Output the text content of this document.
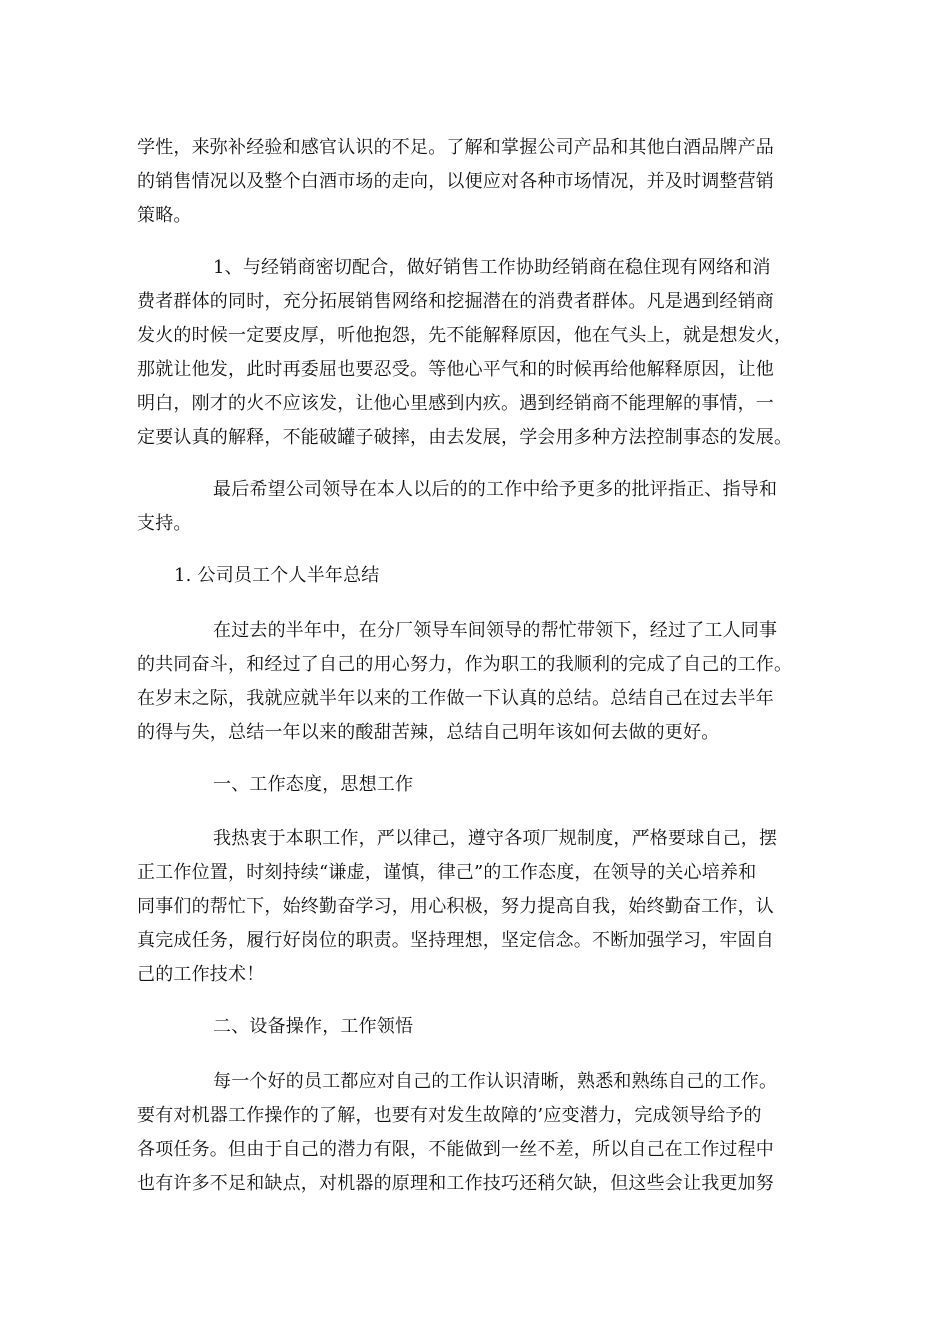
学性，来弥补经验和感官认识的不足。了解和掌握公司产品和其他白酒品牌产品
的销售情况以及整个白酒市场的走向，以便应对各种市场情况，并及时调整营销
策略。
1、与经销商密切配合，做好销售工作协助经销商在稳住现有网络和消
费者群体的同时，充分拓展销售网络和挖掘潜在的消费者群体。凡是遇到经销商
发火的时候一定要皮厚，听他抱怨，先不能解释原因，他在气头上，就是想发火，
那就让他发，此时再委屈也要忍受。等他心平气和的时候再给他解释原因，让他
明白，刚才的火不应该发，让他心里感到内疚。遇到经销商不能理解的事情，一
定要认真的解释，不能破罐子破摔，由去发展，学会用多种方法控制事态的发展。
最后希望公司领导在本人以后的的工作中给予更多的批评指正、指导和
支持。
1. 公司员工个人半年总结
在过去的半年中，在分厂领导车间领导的帮忙带领下，经过了工人同事
的共同奋斗，和经过了自己的用心努力，作为职工的我顺利的完成了自己的工作。
在岁末之际，我就应就半年以来的工作做一下认真的总结。总结自己在过去半年
的得与失，总结一年以来的酸甜苦辣，总结自己明年该如何去做的更好。
一、工作态度，思想工作
我热衷于本职工作，严以律己，遵守各项厂规制度，严格要球自己，摆
正工作位置，时刻持续“谦虚，谨慎，律己”的工作态度，在领导的关心培养和
同事们的帮忙下，始终勤奋学习，用心积极，努力提高自我，始终勤奋工作，认
真完成任务，履行好岗位的职责。坚持理想，坚定信念。不断加强学习，牢固自
己的工作技术！
二、设备操作，工作领悟
每一个好的员工都应对自己的工作认识清晰，熟悉和熟练自己的工作。
要有对机器工作操作的了解，也要有对发生故障的’应变潜力，完成领导给予的
各项任务。但由于自己的潜力有限，不能做到一丝不差，所以自己在工作过程中
也有许多不足和缺点，对机器的原理和工作技巧还稍欠缺，但这些会让我更加努
